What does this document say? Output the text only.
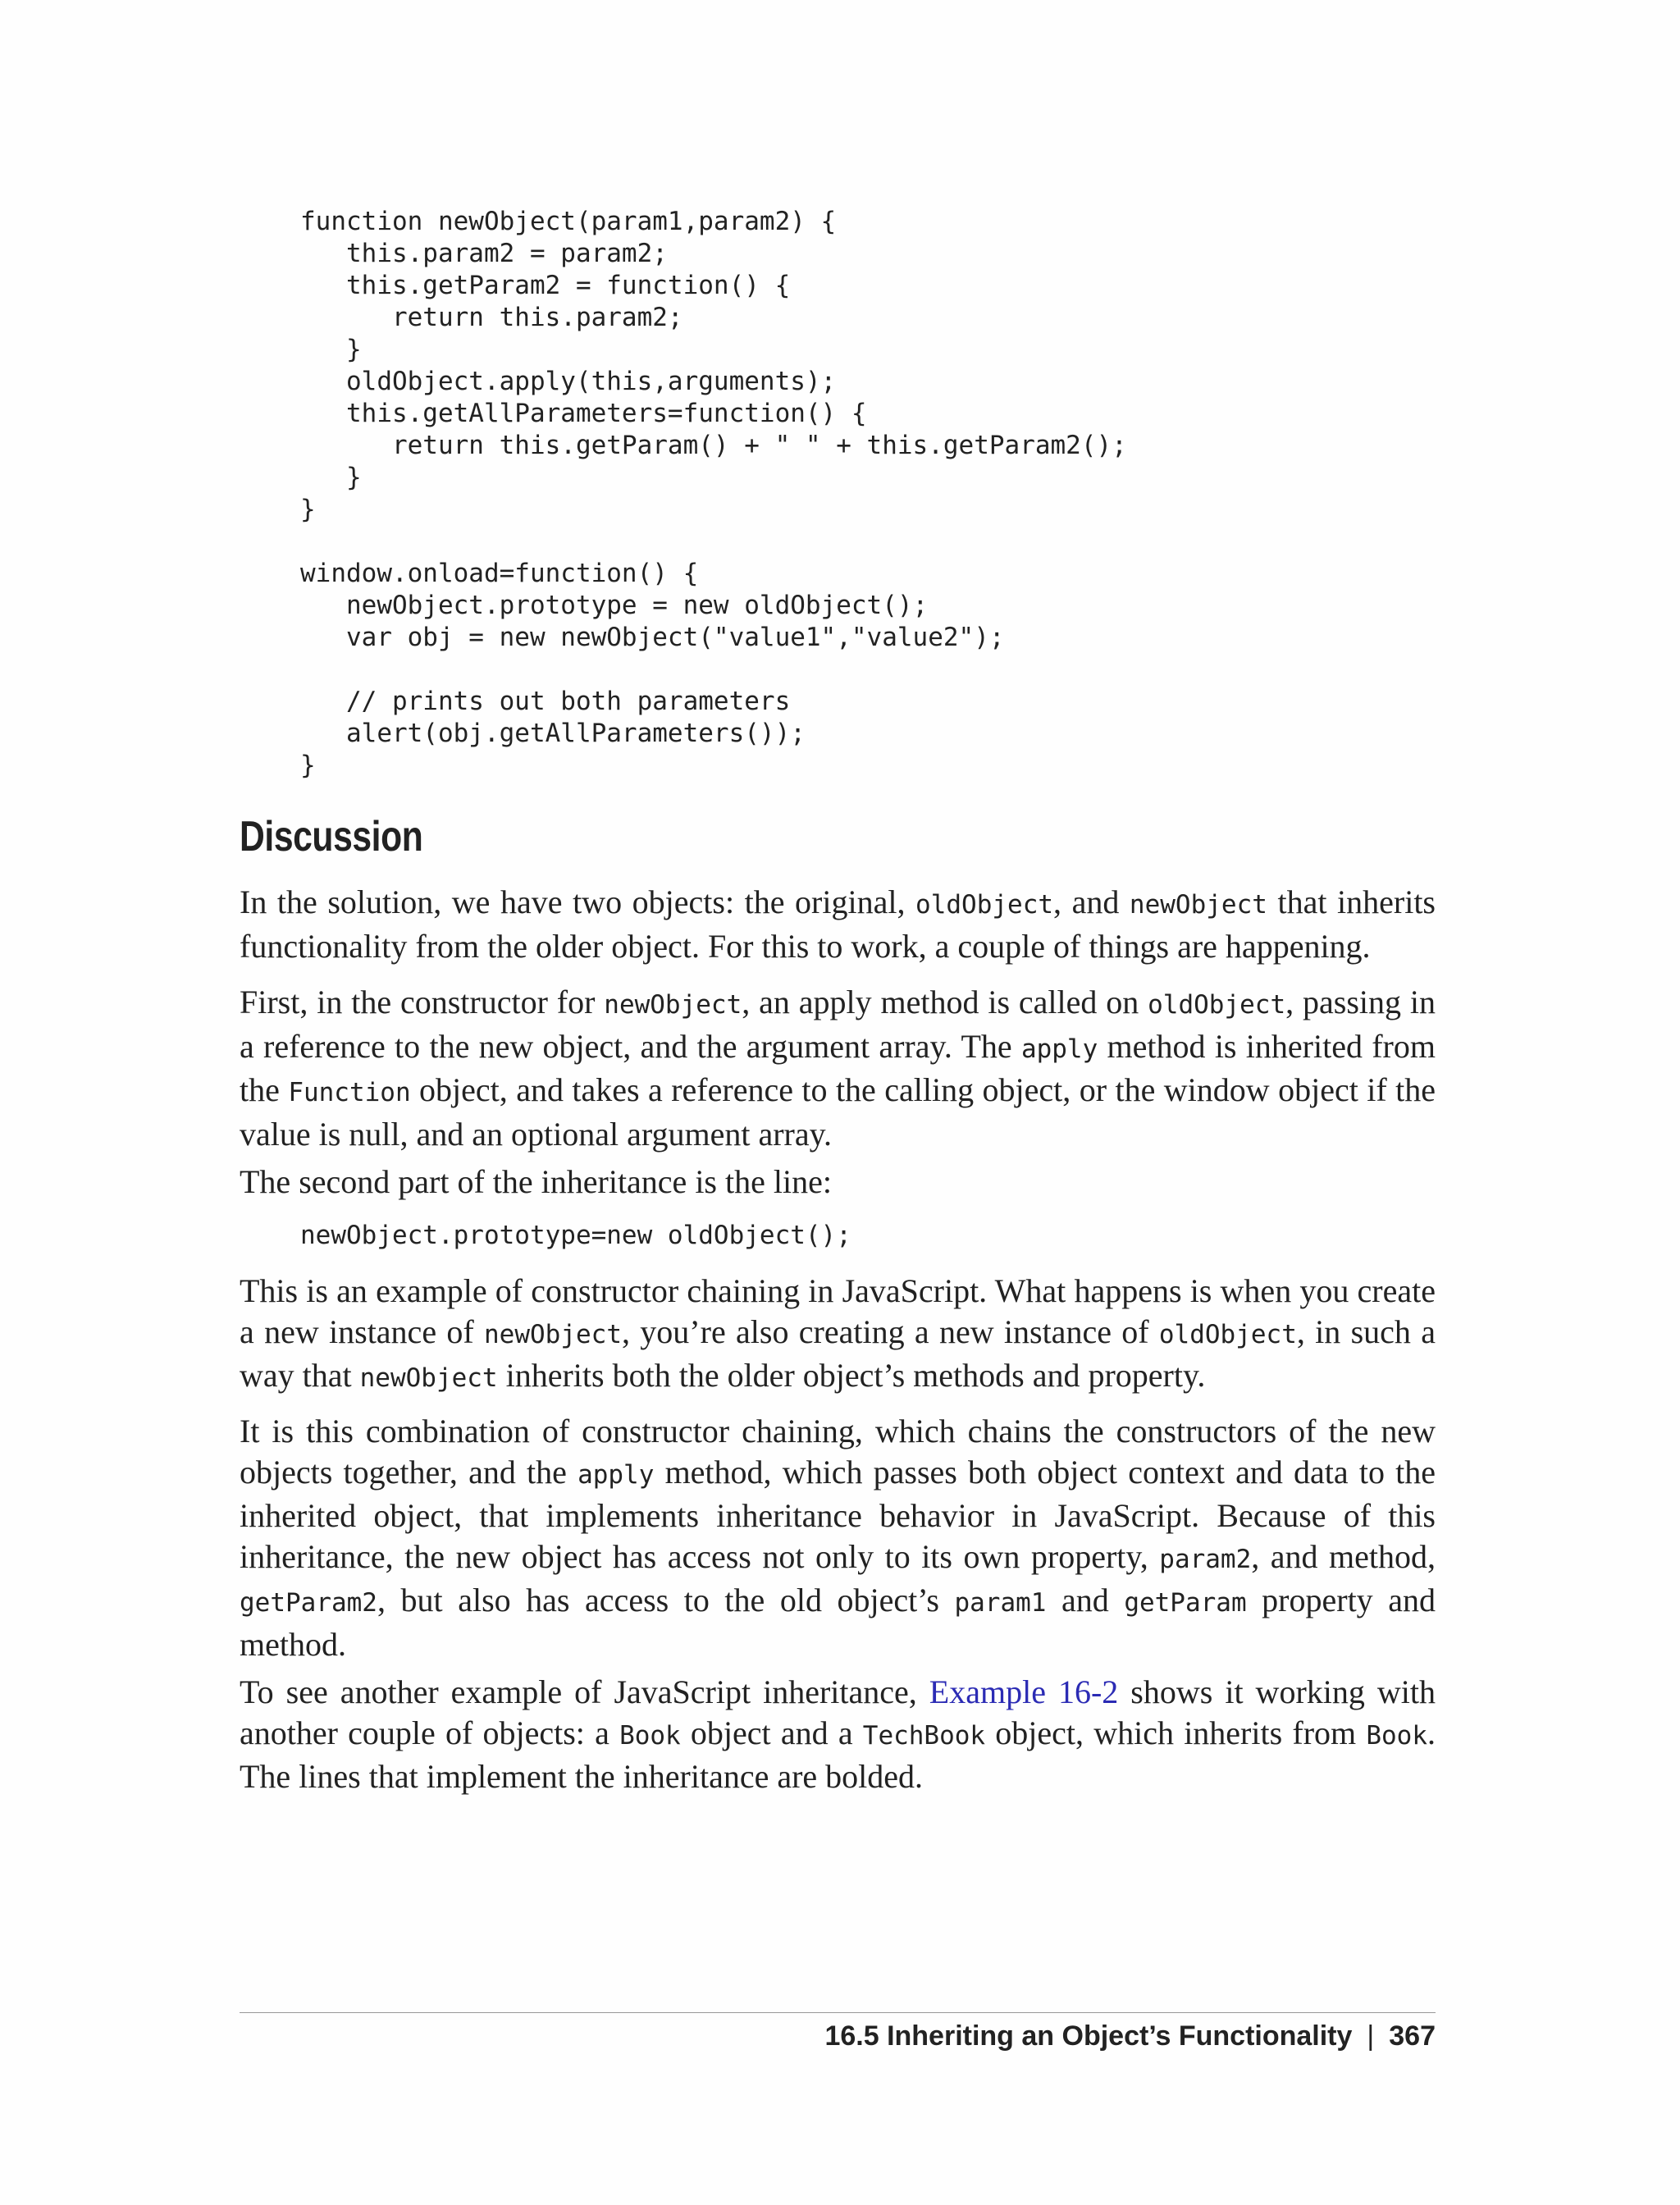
function newObject(param1,param2) {
this.param2 = param2;
this.getParam2 = function() {
return this.param2;
}
oldObject.apply(this,arguments);
this.getAllParameters=function() {
return this.getParam() + " " + this.getParam2();
}
}
window.onload=function() {
newObject.prototype = new oldObject();
var obj = new newObject("value1","value2");
// prints out both parameters
alert(obj.getAllParameters());
}
Discussion

In the solution, we have two objects: the original, oldObject, and newObject that inherits functionality from the older object. For this to work, a couple of things are happening.

First, in the constructor for newObject, an apply method is called on oldObject, passing in a reference to the new object, and the argument array. The apply method is inherited from the Function object, and takes a reference to the calling object, or the window object if the value is null, and an optional argument array.

The second part of the inheritance is the line:

newObject.prototype=new oldObject();

This is an example of constructor chaining in JavaScript. What happens is when you create a new instance of newObject, you’re also creating a new instance of oldObject, in such a way that newObject inherits both the older object’s methods and property.

It is this combination of constructor chaining, which chains the constructors of the new objects together, and the apply method, which passes both object context and data to the inherited object, that implements inheritance behavior in JavaScript. Because of this inheritance, the new object has access not only to its own property, param2, and method, getParam2, but also has access to the old object’s param1 and getParam property and method.

To see another example of JavaScript inheritance, Example 16-2 shows it working with another couple of objects: a Book object and a TechBook object, which inherits from Book. The lines that implement the inheritance are bolded.

16.5 Inheriting an Object’s Functionality | 367
